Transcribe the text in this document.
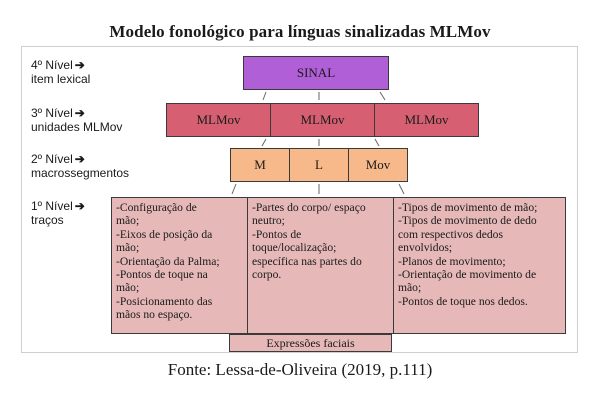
Modelo fonológico para línguas sinalizadas MLMov
4º Nível ➔
item lexical
3º Nível ➔
unidades MLMov
2º Nível ➔
macrossegmentos
1º Nível ➔
traços
SINAL
MLMov	MLMov	MLMov
M	L	Mov
-Configuração de
mão;
-Eixos de posição da
mão;
-Orientação da Palma;
-Pontos de toque na
mão;
-Posicionamento das
mãos no espaço.
-Partes do corpo/ espaço
neutro;
-Pontos de
toque/localização;
específica nas partes do
corpo.
-Tipos de movimento de mão;
-Tipos de movimento de dedo
com respectivos dedos
envolvidos;
-Planos de movimento;
-Orientação de movimento de
mão;
-Pontos de toque nos dedos.
Expressões faciais
Fonte: Lessa-de-Oliveira (2019, p.111)
